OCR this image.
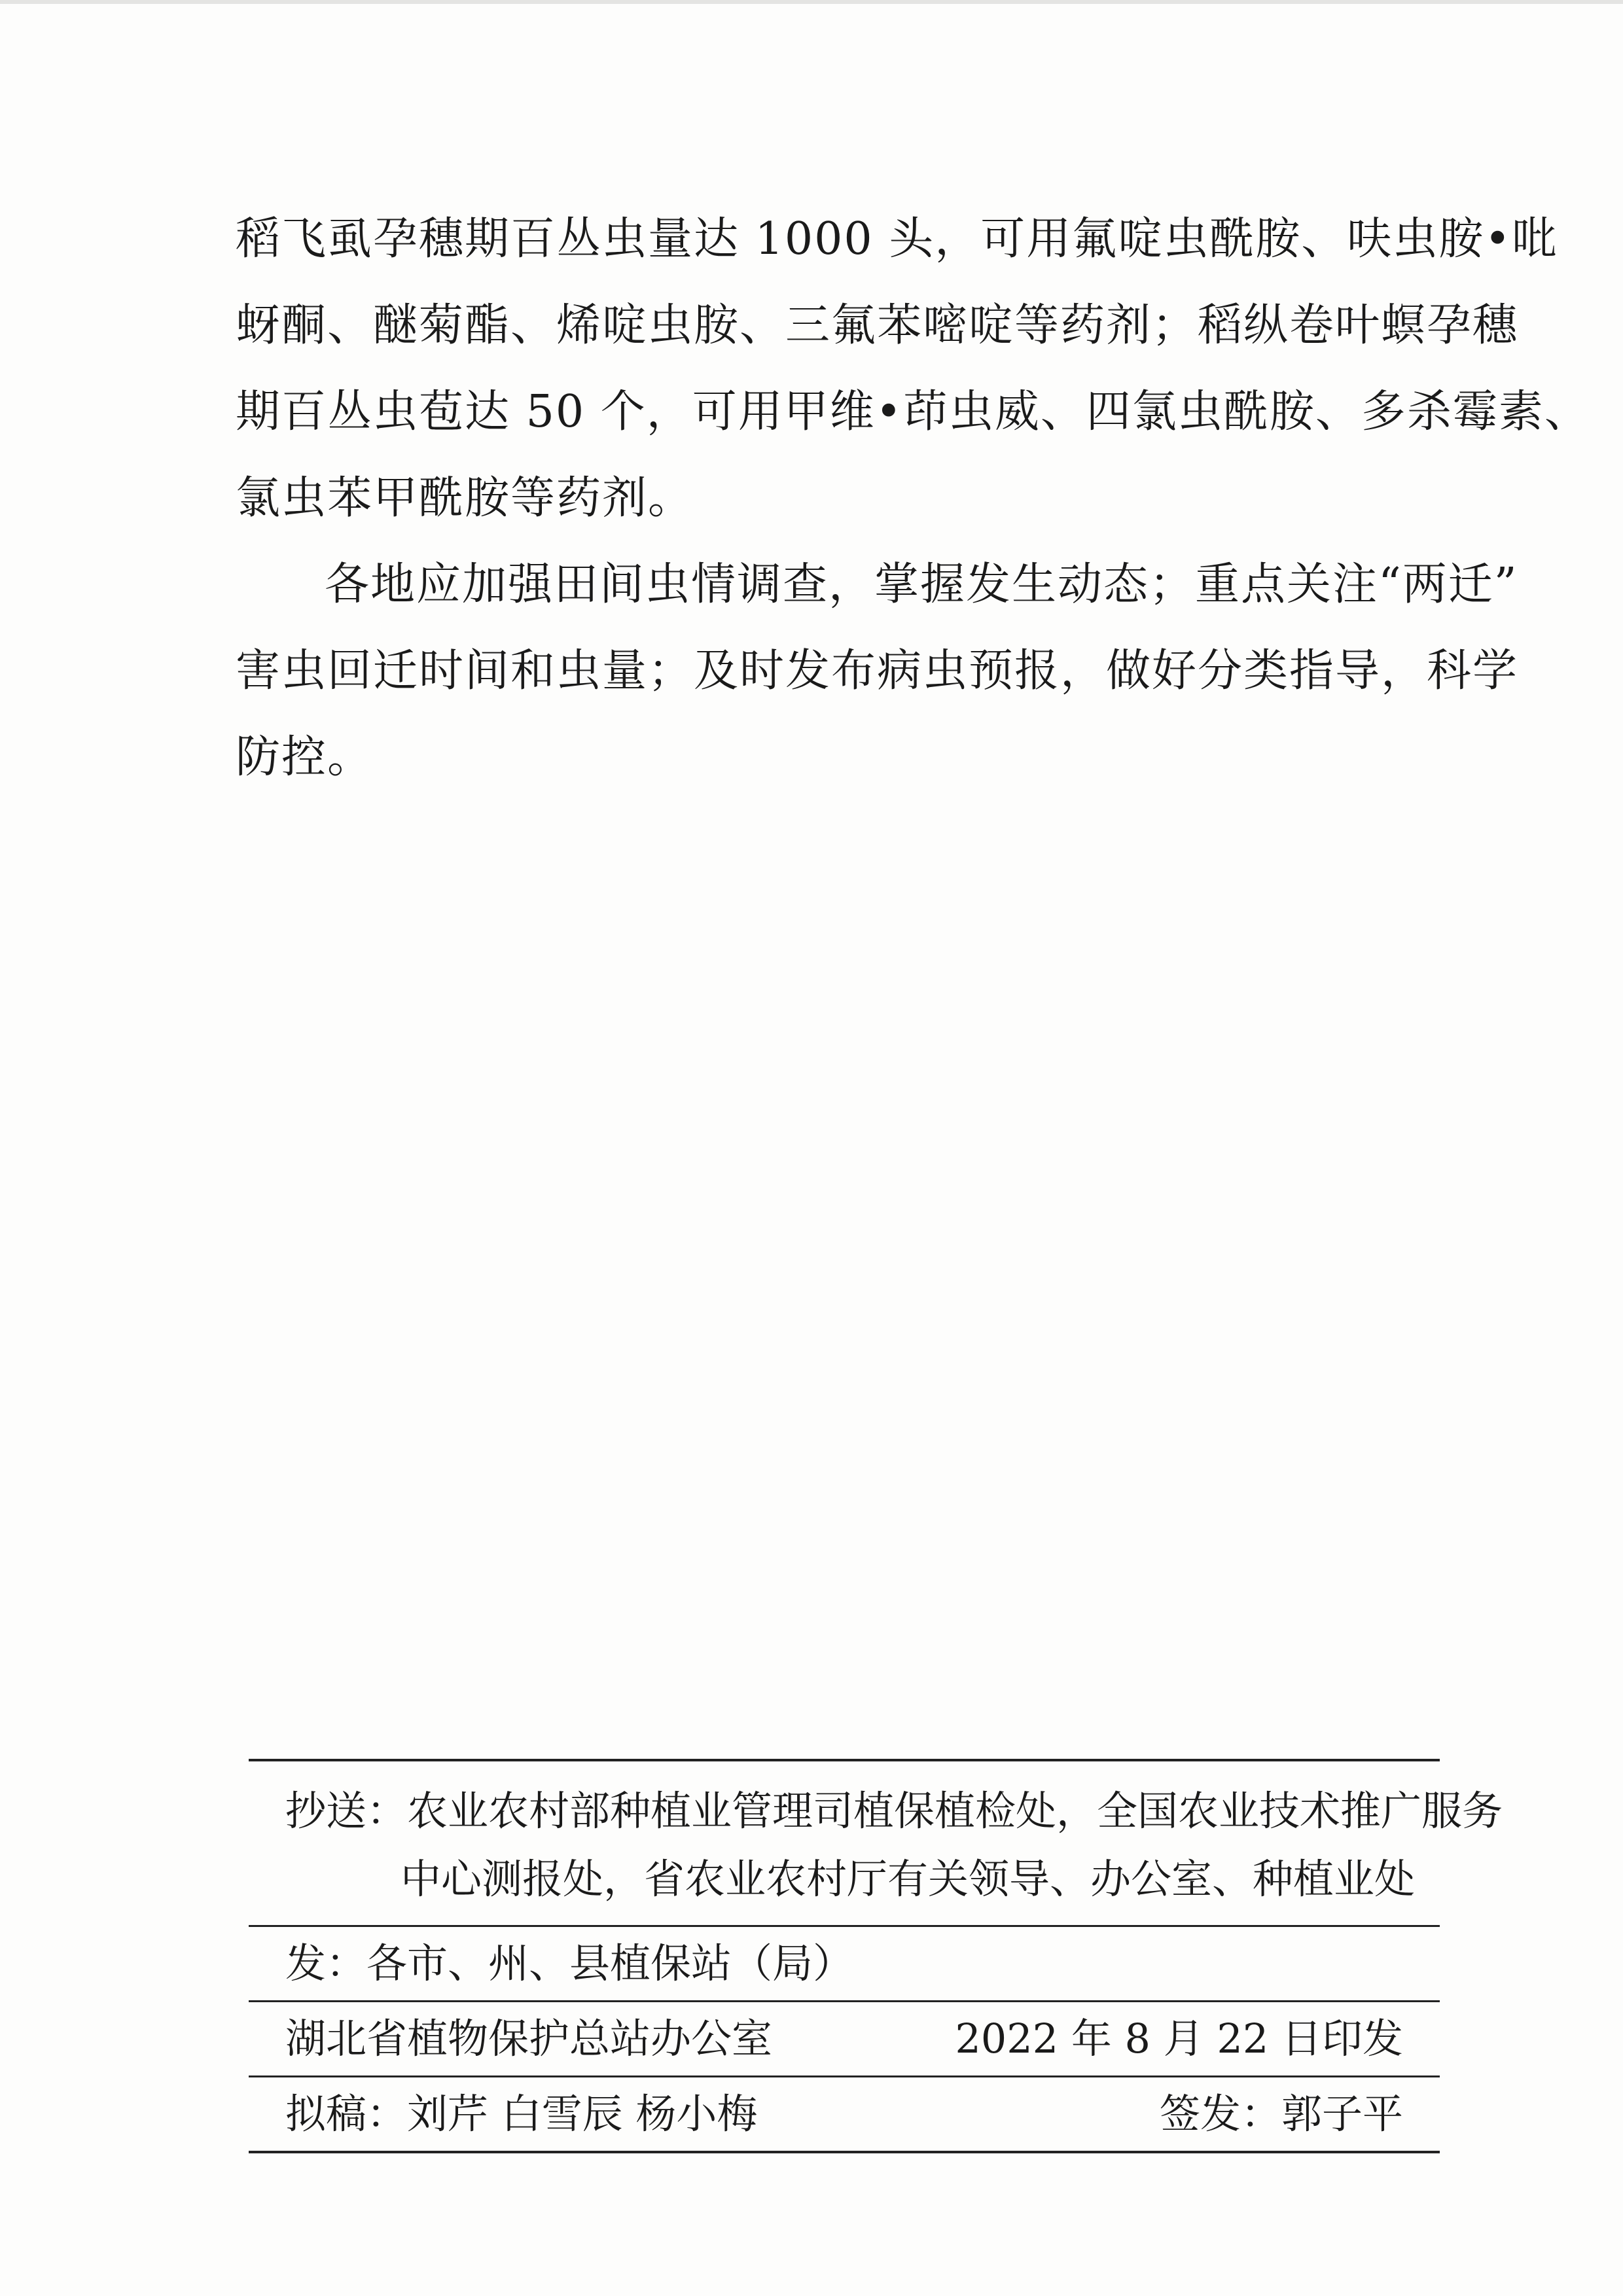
稻飞虱孕穗期百丛虫量达 1000 头，可用氟啶虫酰胺、呋虫胺•吡
蚜酮、醚菊酯、烯啶虫胺、三氟苯嘧啶等药剂；稻纵卷叶螟孕穗
期百丛虫苞达 50 个，可用甲维•茚虫威、四氯虫酰胺、多杀霉素、
氯虫苯甲酰胺等药剂。
各地应加强田间虫情调查，掌握发生动态；重点关注“两迁”
害虫回迁时间和虫量；及时发布病虫预报，做好分类指导，科学
防控。
抄送：农业农村部种植业管理司植保植检处，全国农业技术推广服务
中心测报处，省农业农村厅有关领导、办公室、种植业处
发：各市、州、县植保站（局）
湖北省植物保护总站办公室	2022 年 8 月 22 日印发
拟稿：刘芹 白雪辰 杨小梅	签发：郭子平
